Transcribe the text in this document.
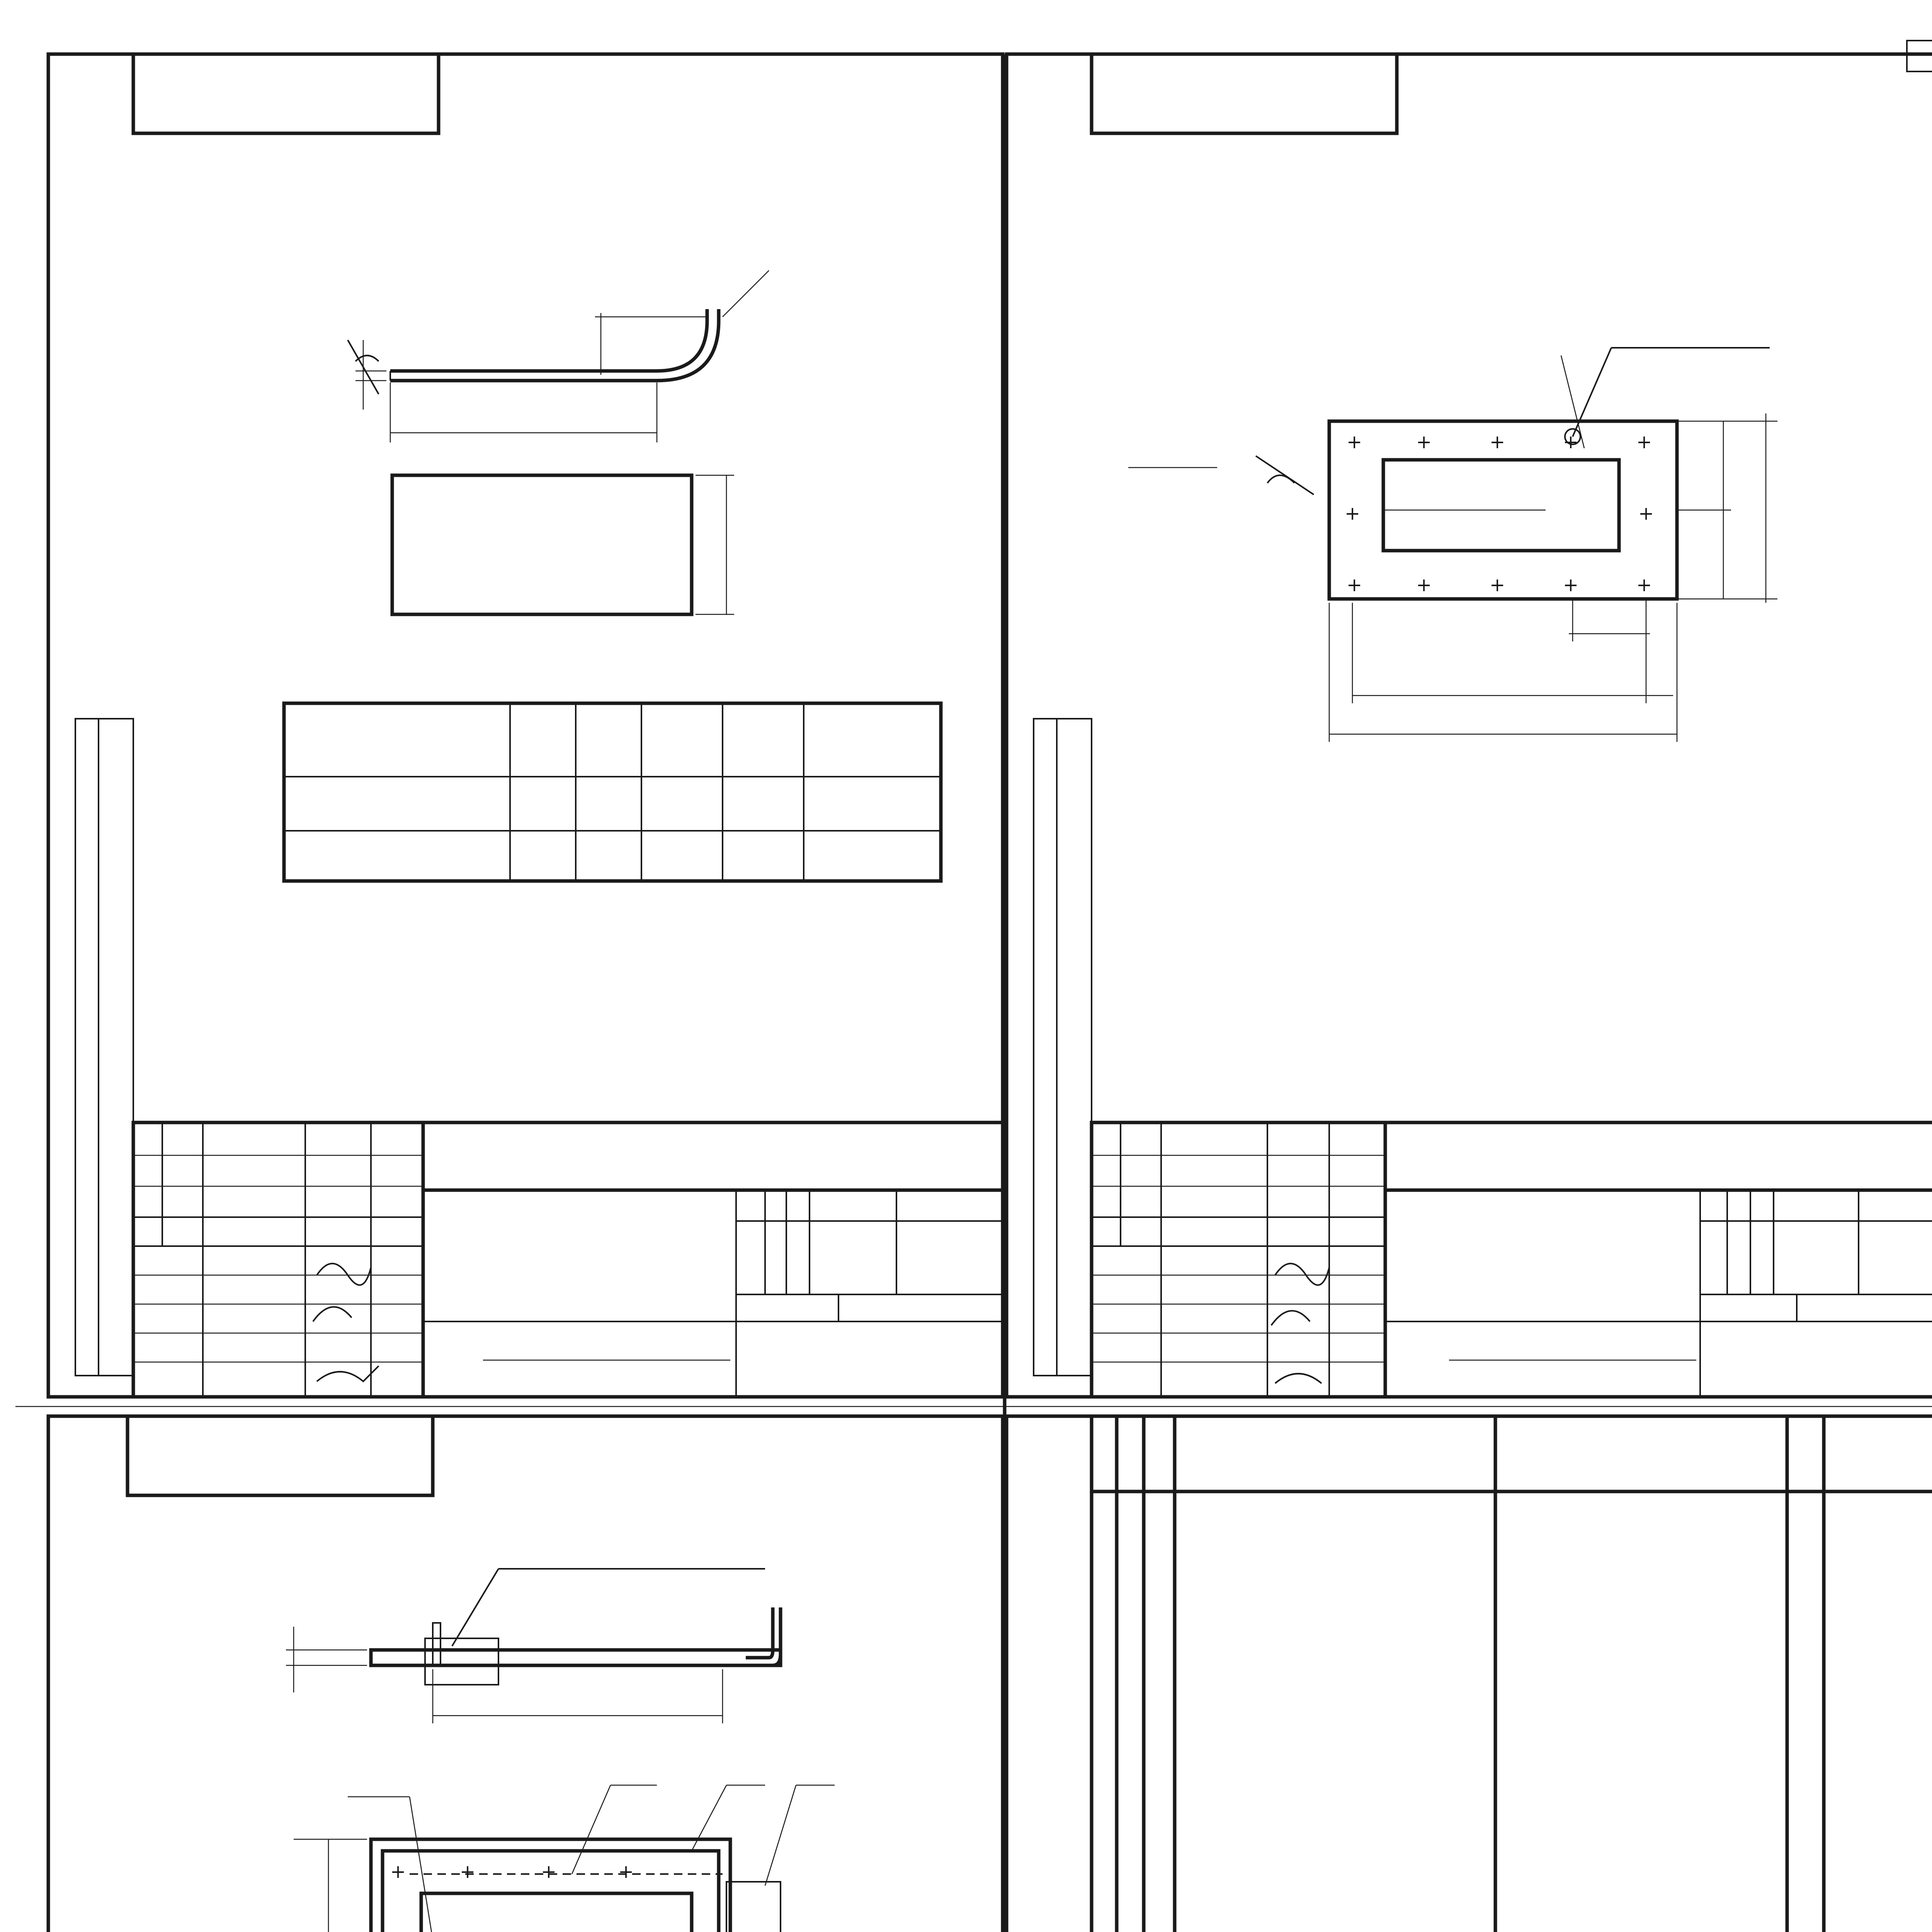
+	+	+	+	+
+	+	+	+	+
+	+
+	+	+	+
